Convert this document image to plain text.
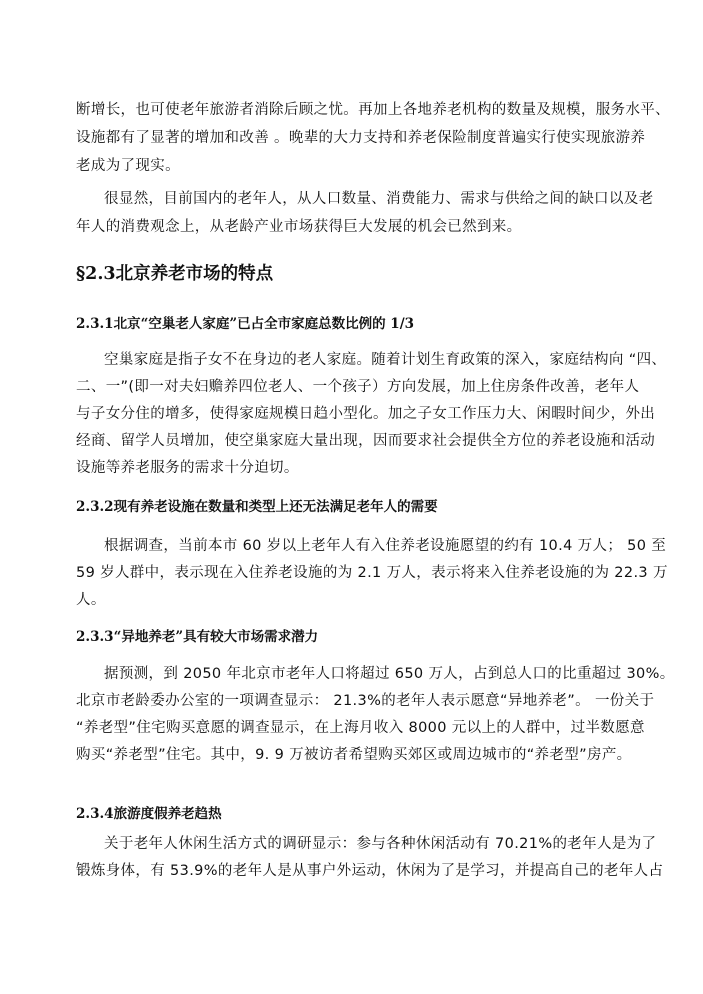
断增长，也可使老年旅游者消除后顾之忧。再加上各地养老机构的数量及规模，服务水平、
设施都有了显著的增加和改善 。晚辈的大力支持和养老保险制度普遍实行使实现旅游养
老成为了现实。
很显然，目前国内的老年人，从人口数量、消费能力、需求与供给之间的缺口以及老
年人的消费观念上，从老龄产业市场获得巨大发展的机会已然到来。
§2.3北京养老市场的特点
2.3.1北京“空巢老人家庭”已占全市家庭总数比例的 1/3
空巢家庭是指子女不在身边的老人家庭。随着计划生育政策的深入，家庭结构向 “四、
二、一”(即一对夫妇赡养四位老人、一个孩子）方向发展，加上住房条件改善，老年人
与子女分住的增多，使得家庭规模日趋小型化。加之子女工作压力大、闲暇时间少，外出
经商、留学人员增加，使空巢家庭大量出现，因而要求社会提供全方位的养老设施和活动
设施等养老服务的需求十分迫切。
2.3.2现有养老设施在数量和类型上还无法满足老年人的需要
根据调查，当前本市 60 岁以上老年人有入住养老设施愿望的约有 10.4 万人； 50 至
59 岁人群中，表示现在入住养老设施的为 2.1 万人，表示将来入住养老设施的为 22.3 万
人。
2.3.3“异地养老”具有较大市场需求潜力
据预测，到 2050 年北京市老年人口将超过 650 万人，占到总人口的比重超过 30%。
北京市老龄委办公室的一项调查显示： 21.3%的老年人表示愿意“异地养老”。 一份关于
“养老型”住宅购买意愿的调查显示，在上海月收入 8000 元以上的人群中，过半数愿意
购买“养老型”住宅。其中，9. 9 万被访者希望购买郊区或周边城市的“养老型”房产。
2.3.4旅游度假养老趋热
关于老年人休闲生活方式的调研显示：参与各种休闲活动有 70.21%的老年人是为了
锻炼身体，有 53.9%的老年人是从事户外运动，休闲为了是学习，并提高自己的老年人占
